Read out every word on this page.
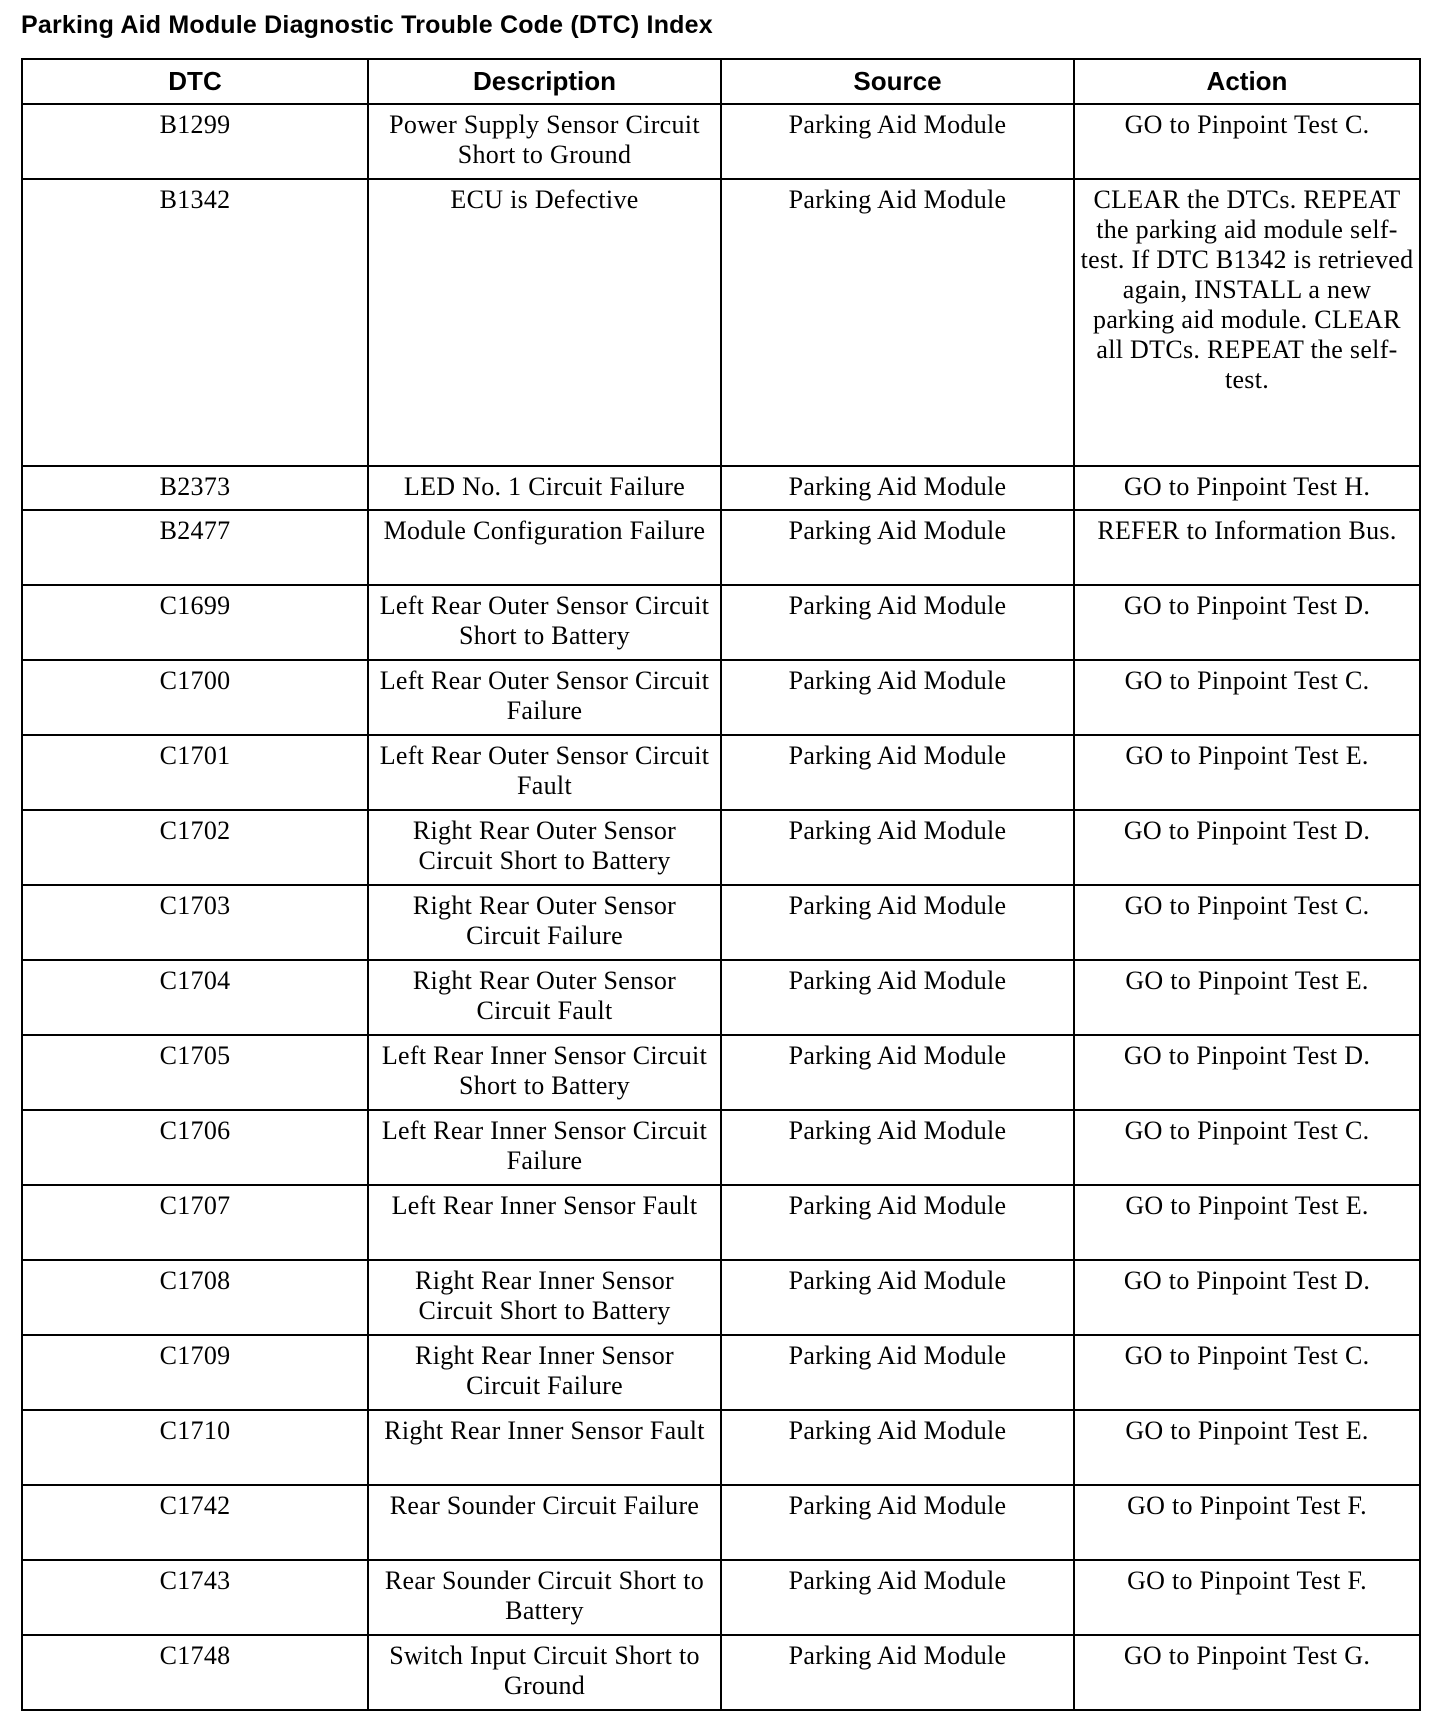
Parking Aid Module Diagnostic Trouble Code (DTC) Index
DTC	Description	Source	Action
B1299	Power Supply Sensor Circuit Short to Ground	Parking Aid Module	GO to Pinpoint Test C.
B1342	ECU is Defective	Parking Aid Module	CLEAR the DTCs. REPEAT the parking aid module self-test. If DTC B1342 is retrieved again, INSTALL a new parking aid module. CLEAR all DTCs. REPEAT the self-test.
B2373	LED No. 1 Circuit Failure	Parking Aid Module	GO to Pinpoint Test H.
B2477	Module Configuration Failure	Parking Aid Module	REFER to Information Bus.
C1699	Left Rear Outer Sensor Circuit Short to Battery	Parking Aid Module	GO to Pinpoint Test D.
C1700	Left Rear Outer Sensor Circuit Failure	Parking Aid Module	GO to Pinpoint Test C.
C1701	Left Rear Outer Sensor Circuit Fault	Parking Aid Module	GO to Pinpoint Test E.
C1702	Right Rear Outer Sensor Circuit Short to Battery	Parking Aid Module	GO to Pinpoint Test D.
C1703	Right Rear Outer Sensor Circuit Failure	Parking Aid Module	GO to Pinpoint Test C.
C1704	Right Rear Outer Sensor Circuit Fault	Parking Aid Module	GO to Pinpoint Test E.
C1705	Left Rear Inner Sensor Circuit Short to Battery	Parking Aid Module	GO to Pinpoint Test D.
C1706	Left Rear Inner Sensor Circuit Failure	Parking Aid Module	GO to Pinpoint Test C.
C1707	Left Rear Inner Sensor Fault	Parking Aid Module	GO to Pinpoint Test E.
C1708	Right Rear Inner Sensor Circuit Short to Battery	Parking Aid Module	GO to Pinpoint Test D.
C1709	Right Rear Inner Sensor Circuit Failure	Parking Aid Module	GO to Pinpoint Test C.
C1710	Right Rear Inner Sensor Fault	Parking Aid Module	GO to Pinpoint Test E.
C1742	Rear Sounder Circuit Failure	Parking Aid Module	GO to Pinpoint Test F.
C1743	Rear Sounder Circuit Short to Battery	Parking Aid Module	GO to Pinpoint Test F.
C1748	Switch Input Circuit Short to Ground	Parking Aid Module	GO to Pinpoint Test G.
